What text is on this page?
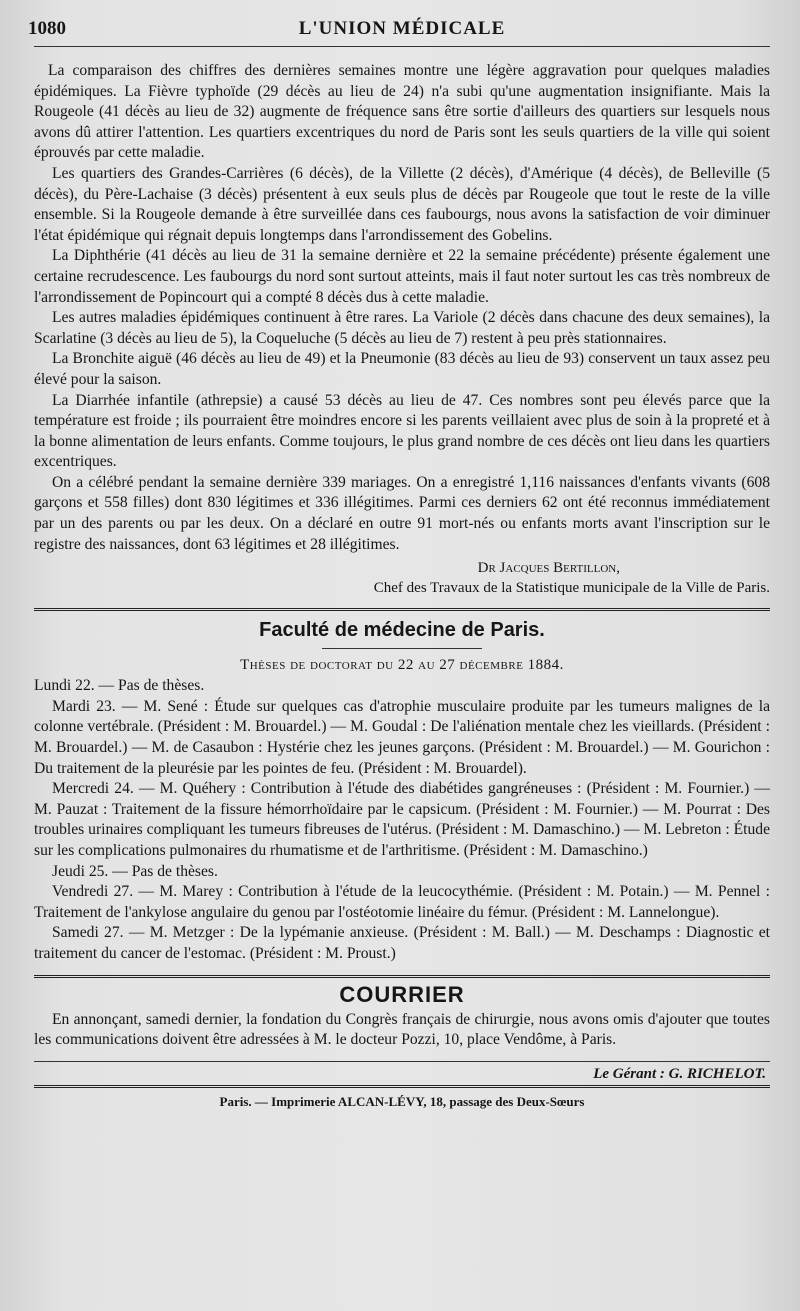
1080	L'UNION MÉDICALE

La comparaison des chiffres des dernières semaines montre une légère aggravation pour quelques maladies épidémiques. La Fièvre typhoïde (29 décès au lieu de 24) n'a subi qu'une augmentation insignifiante. Mais la Rougeole (41 décès au lieu de 32) augmente de fréquence sans être sortie d'ailleurs des quartiers sur lesquels nous avons dû attirer l'attention. Les quartiers excentriques du nord de Paris sont les seuls quartiers de la ville qui soient éprouvés par cette maladie.

Les quartiers des Grandes-Carrières (6 décès), de la Villette (2 décès), d'Amérique (4 décès), de Belleville (5 décès), du Père-Lachaise (3 décès) présentent à eux seuls plus de décès par Rougeole que tout le reste de la ville ensemble. Si la Rougeole demande à être surveillée dans ces faubourgs, nous avons la satisfaction de voir diminuer l'état épidémique qui régnait depuis longtemps dans l'arrondissement des Gobelins.

La Diphthérie (41 décès au lieu de 31 la semaine dernière et 22 la semaine précédente) présente également une certaine recrudescence. Les faubourgs du nord sont surtout atteints, mais il faut noter surtout les cas très nombreux de l'arrondissement de Popincourt qui a compté 8 décès dus à cette maladie.

Les autres maladies épidémiques continuent à être rares. La Variole (2 décès dans chacune des deux semaines), la Scarlatine (3 décès au lieu de 5), la Coqueluche (5 décès au lieu de 7) restent à peu près stationnaires.

La Bronchite aiguë (46 décès au lieu de 49) et la Pneumonie (83 décès au lieu de 93) conservent un taux assez peu élevé pour la saison.

La Diarrhée infantile (athrepsie) a causé 53 décès au lieu de 47. Ces nombres sont peu élevés parce que la température est froide ; ils pourraient être moindres encore si les parents veillaient avec plus de soin à la propreté et à la bonne alimentation de leurs enfants. Comme toujours, le plus grand nombre de ces décès ont lieu dans les quartiers excentriques.

On a célébré pendant la semaine dernière 339 mariages. On a enregistré 1,116 naissances d'enfants vivants (608 garçons et 558 filles) dont 830 légitimes et 336 illégitimes. Parmi ces derniers 62 ont été reconnus immédiatement par un des parents ou par les deux. On a déclaré en outre 91 mort-nés ou enfants morts avant l'inscription sur le registre des naissances, dont 63 légitimes et 28 illégitimes.

Dr Jacques Bertillon,
Chef des Travaux de la Statistique municipale de la Ville de Paris.
Faculté de médecine de Paris.
Thèses de doctorat du 22 au 27 décembre 1884.

Lundi 22. — Pas de thèses.

Mardi 23. — M. Sené : Étude sur quelques cas d'atrophie musculaire produite par les tumeurs malignes de la colonne vertébrale. (Président : M. Brouardel.) — M. Goudal : De l'aliénation mentale chez les vieillards. (Président : M. Brouardel.) — M. de Casaubon : Hystérie chez les jeunes garçons. (Président : M. Brouardel.) — M. Gourichon : Du traitement de la pleurésie par les pointes de feu. (Président : M. Brouardel).

Mercredi 24. — M. Quéhery : Contribution à l'étude des diabétides gangréneuses : (Président : M. Fournier.) — M. Pauzat : Traitement de la fissure hémorrhoïdaire par le capsicum. (Président : M. Fournier.) — M. Pourrat : Des troubles urinaires compliquant les tumeurs fibreuses de l'utérus. (Président : M. Damaschino.) — M. Lebreton : Étude sur les complications pulmonaires du rhumatisme et de l'arthritisme. (Président : M. Damaschino.)

Jeudi 25. — Pas de thèses.

Vendredi 27. — M. Marey : Contribution à l'étude de la leucocythémie. (Président : M. Potain.) — M. Pennel : Traitement de l'ankylose angulaire du genou par l'ostéotomie linéaire du fémur. (Président : M. Lannelongue).

Samedi 27. — M. Metzger : De la lypémanie anxieuse. (Président : M. Ball.) — M. Deschamps : Diagnostic et traitement du cancer de l'estomac. (Président : M. Proust.)

COURRIER

En annonçant, samedi dernier, la fondation du Congrès français de chirurgie, nous avons omis d'ajouter que toutes les communications doivent être adressées à M. le docteur Pozzi, 10, place Vendôme, à Paris.

Le Gérant : G. RICHELOT.
Paris. — Imprimerie ALCAN-LÉVY, 18, passage des Deux-Sœurs
